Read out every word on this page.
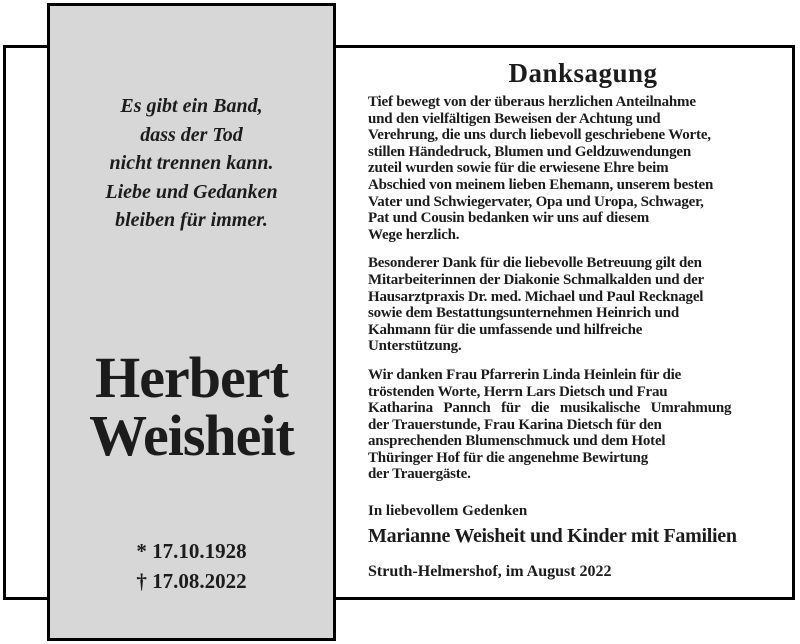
Danksagung
Tief bewegt von der überaus herzlichen Anteilnahme
und den vielfältigen Beweisen der Achtung und
Verehrung, die uns durch liebevoll geschriebene Worte,
stillen Händedruck, Blumen und Geldzuwendungen
zuteil wurden sowie für die erwiesene Ehre beim
Abschied von meinem lieben Ehemann, unserem besten
Vater und Schwiegervater, Opa und Uropa, Schwager,
Pat und Cousin bedanken wir uns auf diesem
Wege herzlich.
Besonderer Dank für die liebevolle Betreuung gilt den
Mitarbeiterinnen der Diakonie Schmalkalden und der
Hausarztpraxis Dr. med. Michael und Paul Recknagel
sowie dem Bestattungsunternehmen Heinrich und
Kahmann für die umfassende und hilfreiche
Unterstützung.
Wir danken Frau Pfarrerin Linda Heinlein für die
tröstenden Worte, Herrn Lars Dietsch und Frau
Katharina Pannch für die musikalische Umrahmung
der Trauerstunde, Frau Karina Dietsch für den
ansprechenden Blumenschmuck und dem Hotel
Thüringer Hof für die angenehme Bewirtung
der Trauergäste.
In liebevollem Gedenken
Marianne Weisheit und Kinder mit Familien
Struth-Helmershof, im August 2022
Es gibt ein Band,
dass der Tod
nicht trennen kann.
Liebe und Gedanken
bleiben für immer.
Herbert
Weisheit
* 17.10.1928
† 17.08.2022
